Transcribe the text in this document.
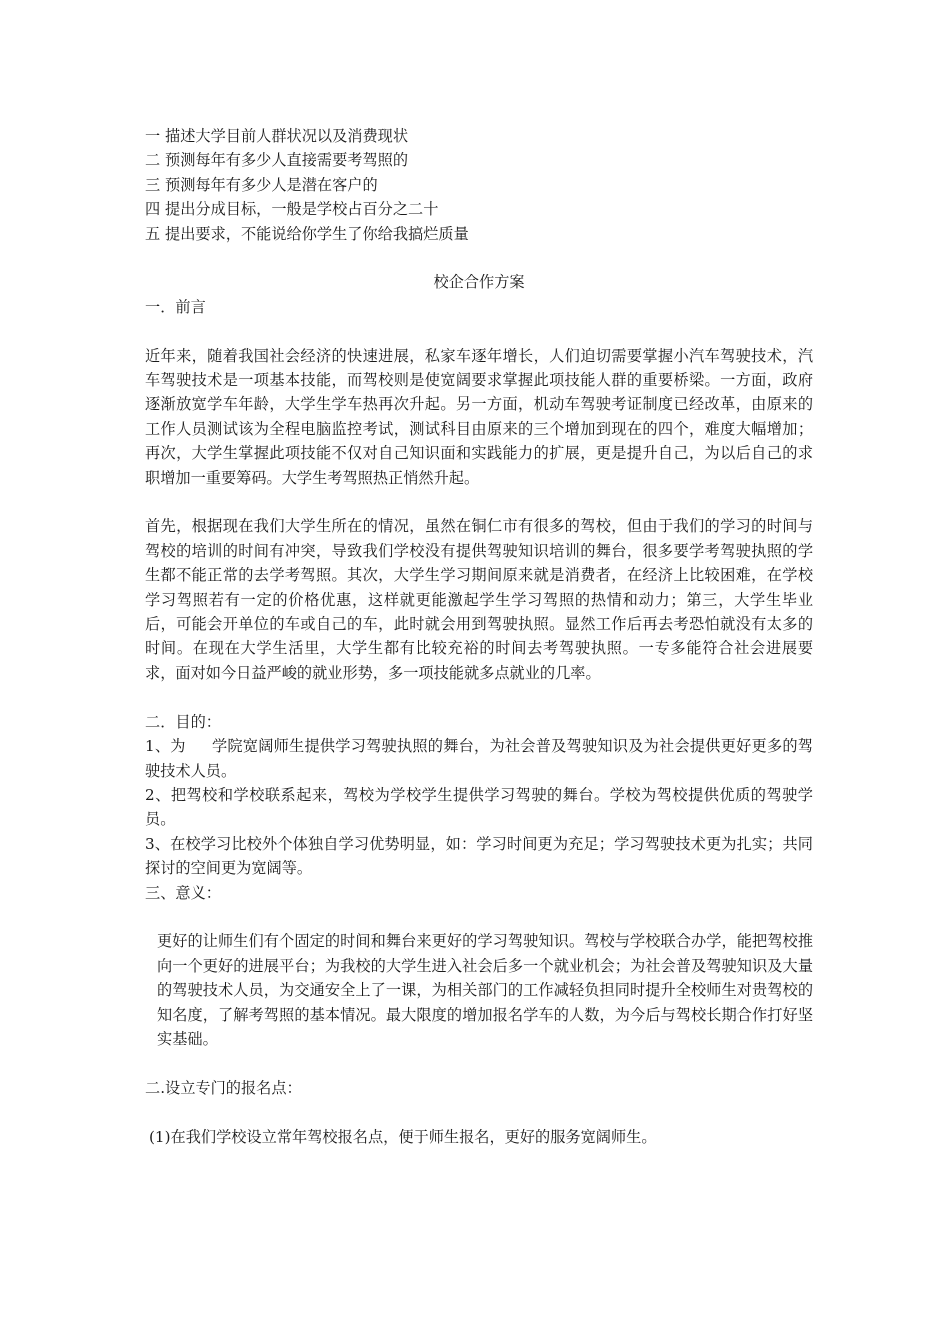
一 描述大学目前人群状况以及消费现状

二 预测每年有多少人直接需要考驾照的

三 预测每年有多少人是潜在客户的

四 提出分成目标，一般是学校占百分之二十

五 提出要求，不能说给你学生了你给我搞烂质量

校企合作方案

一．前言

近年来，随着我国社会经济的快速进展，私家车逐年增长，人们迫切需要掌握小汽车驾驶技术，汽车驾驶技术是一项基本技能，而驾校则是使宽阔要求掌握此项技能人群的重要桥梁。一方面，政府逐渐放宽学车年龄，大学生学车热再次升起。另一方面，机动车驾驶考证制度已经改革，由原来的工作人员测试该为全程电脑监控考试，测试科目由原来的三个增加到现在的四个，难度大幅增加；再次，大学生掌握此项技能不仅对自己知识面和实践能力的扩展，更是提升自己，为以后自己的求职增加一重要筹码。大学生考驾照热正悄然升起。

首先，根据现在我们大学生所在的情况，虽然在铜仁市有很多的驾校，但由于我们的学习的时间与驾校的培训的时间有冲突，导致我们学校没有提供驾驶知识培训的舞台，很多要学考驾驶执照的学生都不能正常的去学考驾照。其次，大学生学习期间原来就是消费者，在经济上比较困难，在学校学习驾照若有一定的价格优惠，这样就更能激起学生学习驾照的热情和动力；第三，大学生毕业后，可能会开单位的车或自己的车，此时就会用到驾驶执照。显然工作后再去考恐怕就没有太多的时间。在现在大学生活里，大学生都有比较充裕的时间去考驾驶执照。一专多能符合社会进展要求，面对如今日益严峻的就业形势，多一项技能就多点就业的几率。

二．目的：

1、为 学院宽阔师生提供学习驾驶执照的舞台，为社会普及驾驶知识及为社会提供更好更多的驾驶技术人员。

2、把驾校和学校联系起来，驾校为学校学生提供学习驾驶的舞台。学校为驾校提供优质的驾驶学员。

3、在校学习比校外个体独自学习优势明显，如：学习时间更为充足；学习驾驶技术更为扎实；共同探讨的空间更为宽阔等。

三、意义：

更好的让师生们有个固定的时间和舞台来更好的学习驾驶知识。驾校与学校联合办学，能把驾校推向一个更好的进展平台；为我校的大学生进入社会后多一个就业机会；为社会普及驾驶知识及大量的驾驶技术人员，为交通安全上了一课，为相关部门的工作减轻负担同时提升全校师生对贵驾校的知名度，了解考驾照的基本情况。最大限度的增加报名学车的人数，为今后与驾校长期合作打好坚实基础。

二.设立专门的报名点：

(1)在我们学校设立常年驾校报名点，便于师生报名，更好的服务宽阔师生。
